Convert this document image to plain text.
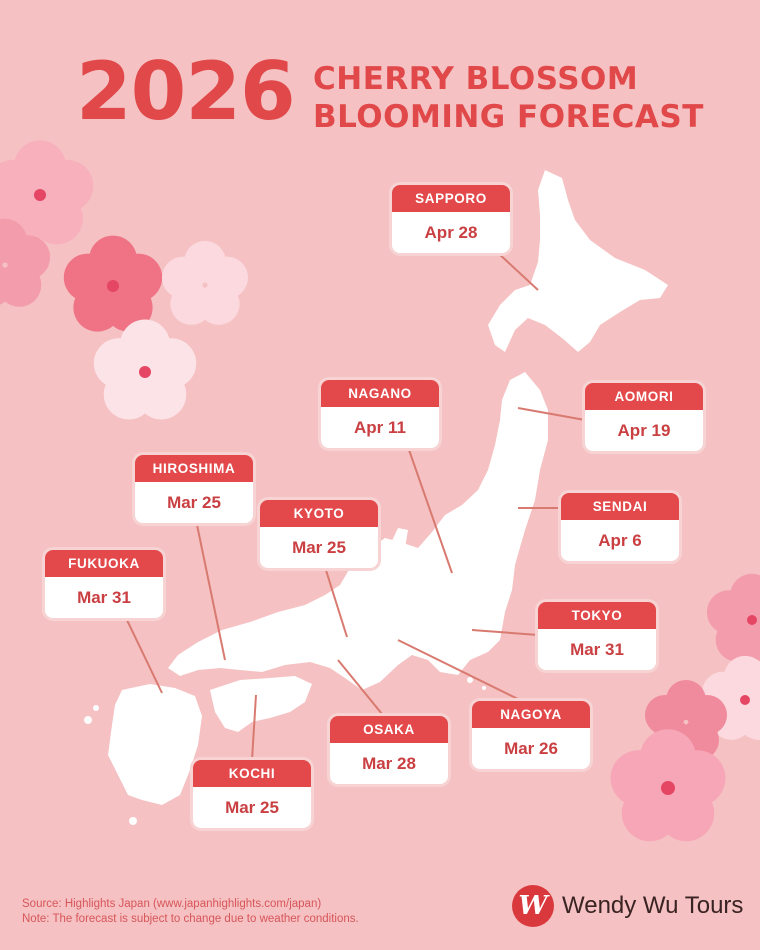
2026 CHERRY BLOSSOM
BLOOMING FORECAST
SAPPORO
Apr 28
NAGANO
Apr 11
AOMORI
Apr 19
HIROSHIMA
Mar 25
KYOTO
Mar 25
SENDAI
Apr 6
FUKUOKA
Mar 31
TOKYO
Mar 31
NAGOYA
Mar 26
OSAKA
Mar 28
KOCHI
Mar 25
Source: Highlights Japan (www.japanhighlights.com/japan)
Note: The forecast is subject to change due to weather conditions.	W Wendy Wu Tours
